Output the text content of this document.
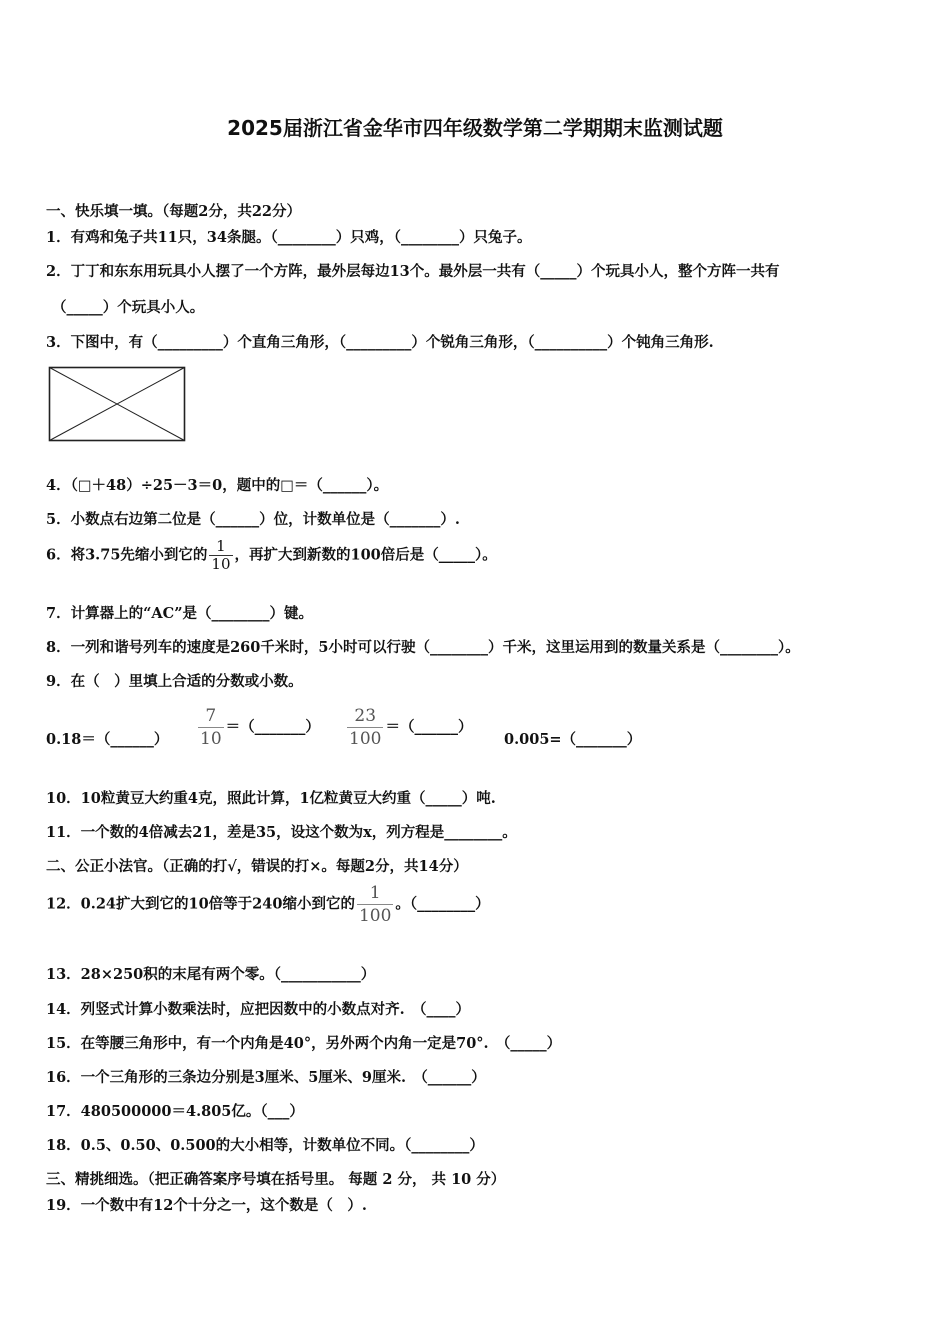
2025届浙江省金华市四年级数学第二学期期末监测试题
一、快乐填一填。（每题2分，共22分）
1．有鸡和兔子共11只，34条腿。（________）只鸡，（________）只兔子。
2．丁丁和东东用玩具小人摆了一个方阵，最外层每边13个。最外层一共有（_____）个玩具小人，整个方阵一共有
（_____）个玩具小人。
3．下图中，有（_________）个直角三角形，（_________）个锐角三角形，（__________）个钝角三角形.
4．（□＋48）÷25－3＝0，题中的□＝（______）。
5．小数点右边第二位是（______）位，计数单位是（_______）.
6．将3.75先缩小到它的 $\frac{1}{10}$ ，再扩大到新数的100倍后是（_____）。
7．计算器上的“AC”是（________）键。
8．一列和谐号列车的速度是260千米时，5小时可以行驶（________）千米，这里运用到的数量关系是（________）。
9．在（　）里填上合适的分数或小数。
0.18＝（______） $\frac{7}{10}$ ＝（_______） $\frac{23}{100}$ ＝（______）
0.005=（_______）
10．10粒黄豆大约重4克，照此计算，1亿粒黄豆大约重（_____）吨.
11．一个数的4倍减去21，差是35，设这个数为x，列方程是________。
二、公正小法官。（正确的打√，错误的打×。每题2分，共14分）
12．0.24扩大到它的10倍等于240缩小到它的 $\frac{1}{100}$ 。（________）
13．28×250积的末尾有两个零。（___________）
14．列竖式计算小数乘法时，应把因数中的小数点对齐.　（____）
15．在等腰三角形中，有一个内角是40°，另外两个内角一定是70°.　（_____）
16．一个三角形的三条边分别是3厘米、5厘米、9厘米.　（______）
17．480500000＝4.805亿。（___）
18．0.5、0.50、0.500的大小相等，计数单位不同。（________）
三、精挑细选。（把正确答案序号填在括号里。 每题 2 分， 共 10 分）
19．一个数中有12个十分之一，这个数是（　）.
